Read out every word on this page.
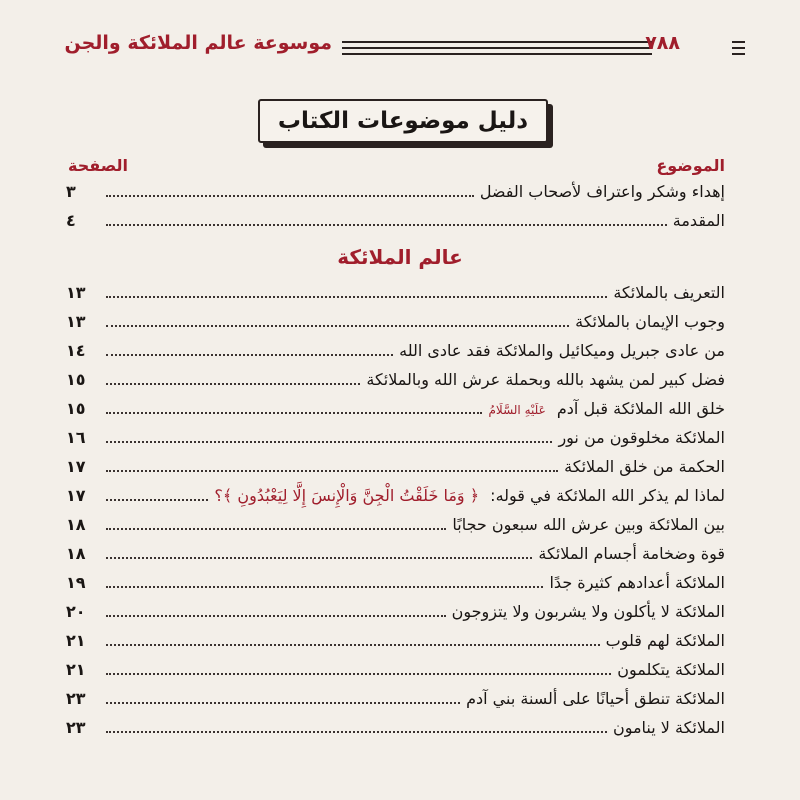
موسوعة عالم الملائكة والجن	٧٨٨
دليل موضوعات الكتاب
الموضوع
الصفحة
إهداء وشكر واعتراف لأصحاب الفضل
٣
المقدمة
٤
عالم الملائكة
التعريف بالملائكة
١٣
وجوب الإيمان بالملائكة
١٣
من عادى جبريل وميكائيل والملائكة فقد عادى الله
١٤
فضل كبير لمن يشهد بالله وبحملة عرش الله وبالملائكة
١٥
خلق الله الملائكة قبل آدم عَلَيْهِ السَّلَامُ
١٥
الملائكة مخلوقون من نور
١٦
الحكمة من خلق الملائكة
١٧
لماذا لم يذكر الله الملائكة في قوله: ﴿ وَمَا خَلَقْتُ الْجِنَّ وَالْإِنسَ إِلَّا لِيَعْبُدُونِ ﴾؟
١٧
بين الملائكة وبين عرش الله سبعون حجابًا
١٨
قوة وضخامة أجسام الملائكة
١٨
الملائكة أعدادهم كثيرة جدًا
١٩
الملائكة لا يأكلون ولا يشربون ولا يتزوجون
٢٠
الملائكة لهم قلوب
٢١
الملائكة يتكلمون
٢١
الملائكة تنطق أحيانًا على ألسنة بني آدم
٢٣
الملائكة لا ينامون
٢٣
